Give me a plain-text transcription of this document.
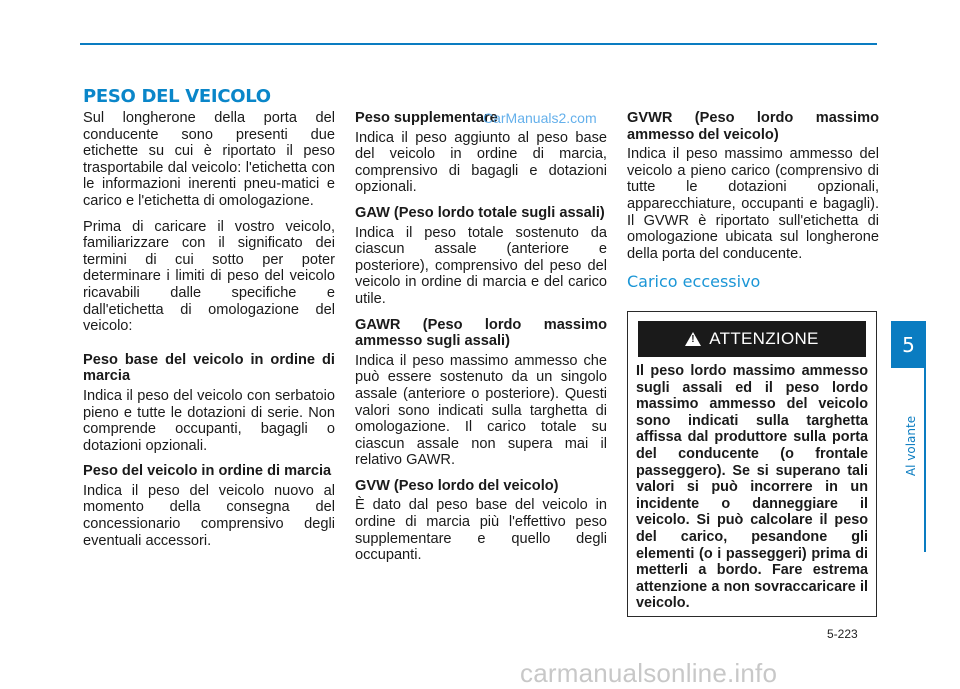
PESO DEL VEICOLO

Sul longherone della porta del conducente sono presenti due etichette su cui è riportato il peso trasportabile dal veicolo: l'etichetta con le informazioni inerenti pneu-matici e carico e l'etichetta di omologazione.

Prima di caricare il vostro veicolo, familiarizzare con il significato dei termini di cui sotto per poter determinare i limiti di peso del veicolo ricavabili dalle specifiche e dall'etichetta di omologazione del veicolo:

Peso base del veicolo in ordine di marcia

Indica il peso del veicolo con serbatoio pieno e tutte le dotazioni di serie. Non comprende occupanti, bagagli o dotazioni opzionali.

Peso del veicolo in ordine di marcia

Indica il peso del veicolo nuovo al momento della consegna del concessionario comprensivo degli eventuali accessori.

Peso supplementare

Indica il peso aggiunto al peso base del veicolo in ordine di marcia, comprensivo di bagagli e dotazioni opzionali.

GAW (Peso lordo totale sugli assali)

Indica il peso totale sostenuto da ciascun assale (anteriore e posteriore), comprensivo del peso del veicolo in ordine di marcia e del carico utile.

GAWR (Peso lordo massimo ammesso sugli assali)

Indica il peso massimo ammesso che può essere sostenuto da un singolo assale (anteriore o posteriore). Questi valori sono indicati sulla targhetta di omologazione. Il carico totale su ciascun assale non supera mai il relativo GAWR.

GVW (Peso lordo del veicolo)

È dato dal peso base del veicolo in ordine di marcia più l'effettivo peso supplementare e quello degli occupanti.

CarManuals2.com GVWR (Peso lordo massimo ammesso del veicolo)

Indica il peso massimo ammesso del veicolo a pieno carico (comprensivo di tutte le dotazioni opzionali, apparecchiature, occupanti e bagagli). Il GVWR è riportato sull'etichetta di omologazione ubicata sul longherone della porta del conducente.

Carico eccessivo
!
ATTENZIONE
Il peso lordo massimo ammesso sugli assali ed il peso lordo massimo ammesso del veicolo sono indicati sulla targhetta affissa dal produttore sulla porta del conducente (o frontale passeggero). Se si superano tali valori si può incorrere in un incidente o danneggiare il veicolo. Si può calcolare il peso del carico, pesandone gli elementi (o i passeggeri) prima di metterli a bordo. Fare estrema attenzione a non sovraccaricare il veicolo.
5
Al volante
5-223
carmanualsonline.info
